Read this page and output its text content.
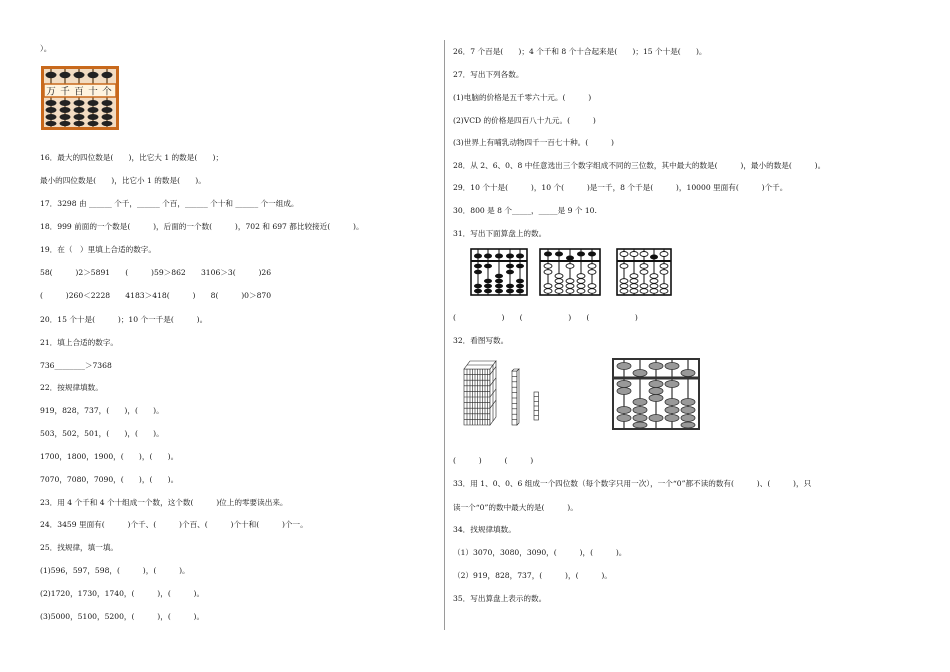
）。
万 千 百 十 个
16．最大的四位数是(　　)，比它大 1 的数是(　　)；
最小的四位数是(　　)，比它小 1 的数是(　　)。
17．3298 由 ______ 个千，______ 个百，______ 个十和 ______ 个一组成。
18．999 前面的一个数是(　　　)，后面的一个数(　　　)，702 和 697 都比较接近(　　　)。
19．在（　）里填上合适的数字。
58(　　　)2＞5891　　(　　　)59＞862　　3106＞3(　　　)26
(　　　)260＜2228　　4183＞418(　　　)　　8(　　　)0＞870
20．15 个十是(　　　)；10 个一千是(　　　)。
21．填上合适的数字。
736________＞7368
22．按规律填数。
919，828，737，(　　)，(　　)。
503，502，501，(　　)，(　　)。
1700，1800，1900，(　　)，(　　)。
7070，7080，7090，(　　)，(　　)。
23．用 4 个千和 4 个十组成一个数，这个数(　　　)位上的零要读出来。
24．3459 里面有(　　　)个千、(　　　)个百、(　　　)个十和(　　　)个一。
25．找规律，填一填。
(1)596，597，598，(　　　)，(　　　)。
(2)1720，1730，1740，(　　　)，(　　　)。
(3)5000，5100，5200，(　　　)，(　　　)。
26．7 个百是(　　)；4 个千和 8 个十合起来是(　　)；15 个十是(　　)。
27．写出下列各数。
(1)电脑的价格是五千零六十元。(　　　)
(2)VCD 的价格是四百八十九元。(　　　)
(3)世界上有哺乳动物四千一百七十种。(　　　)
28．从 2、6、0、8 中任意选出三个数字组成不同的三位数，其中最大的数是(　　　)，最小的数是(　　　)。
29．10 个十是(　　　)，10 个(　　　)是一千，8 个千是(　　　)，10000 里面有(　　　)个千。
30．800 是 8 个_____，_____是 9 个 10.
31．写出下面算盘上的数。
(　　　　　　)　　(　　　　　　)　　(　　　　　　)
32．看图写数。
(　　　)　　　(　　　)
33．用 1、0、0、6 组成一个四位数（每个数字只用一次），一个“0”都不读的数有(　　　)、(　　　)，只
读一个“0”的数中最大的是(　　　)。
34．找规律填数。
（1）3070，3080，3090，(　　　)，(　　　)。
（2）919，828，737，(　　　)，(　　　)。
35．写出算盘上表示的数。
